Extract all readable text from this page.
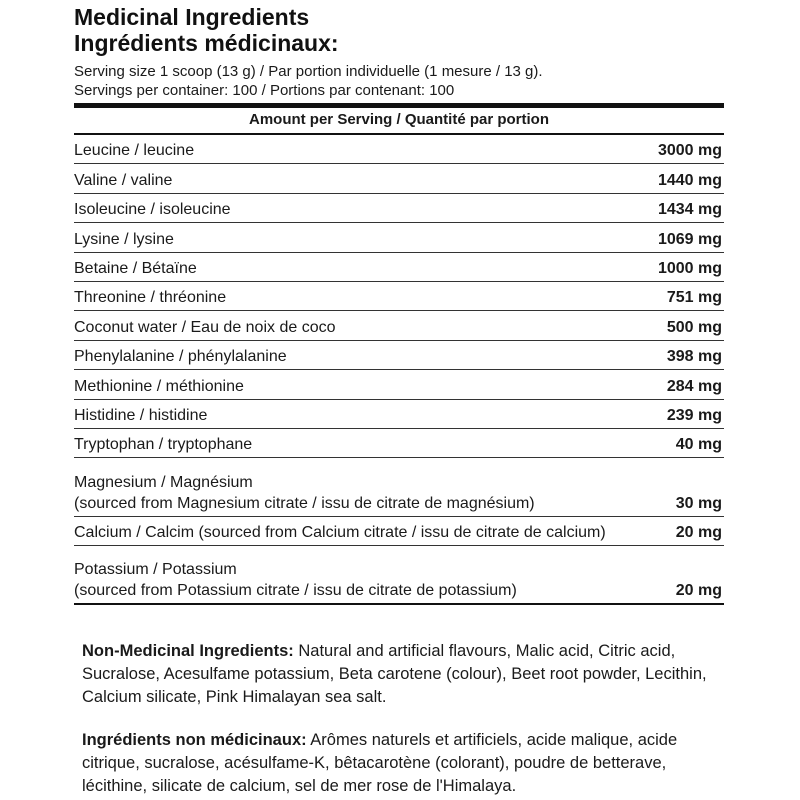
Medicinal Ingredients
Ingrédients médicinaux:
Serving size 1 scoop (13 g) / Par portion individuelle (1 mesure / 13 g).
Servings per container: 100 / Portions par contenant: 100
Amount per Serving / Quantité par portion
Leucine / leucine	3000 mg
Valine / valine	1440 mg
Isoleucine / isoleucine	1434 mg
Lysine / lysine	1069 mg
Betaine / Bétaïne	1000 mg
Threonine / thréonine	751 mg
Coconut water / Eau de noix de coco	500 mg
Phenylalanine / phénylalanine	398 mg
Methionine / méthionine	284 mg
Histidine / histidine	239 mg
Tryptophan / tryptophane	40 mg
Magnesium / Magnésium
(sourced from Magnesium citrate / issu de citrate de magnésium)	30 mg
Calcium / Calcim (sourced from Calcium citrate / issu de citrate de calcium)	20 mg
Potassium / Potassium
(sourced from Potassium citrate / issu de citrate de potassium)	20 mg
Non-Medicinal Ingredients: Natural and artificial flavours, Malic acid, Citric acid, Sucralose, Acesulfame potassium, Beta carotene (colour), Beet root powder, Lecithin, Calcium silicate, Pink Himalayan sea salt.
Ingrédients non médicinaux: Arômes naturels et artificiels, acide malique, acide citrique, sucralose, acésulfame-K, bêtacarotène (colorant), poudre de betterave, lécithine, silicate de calcium, sel de mer rose de l'Himalaya.
